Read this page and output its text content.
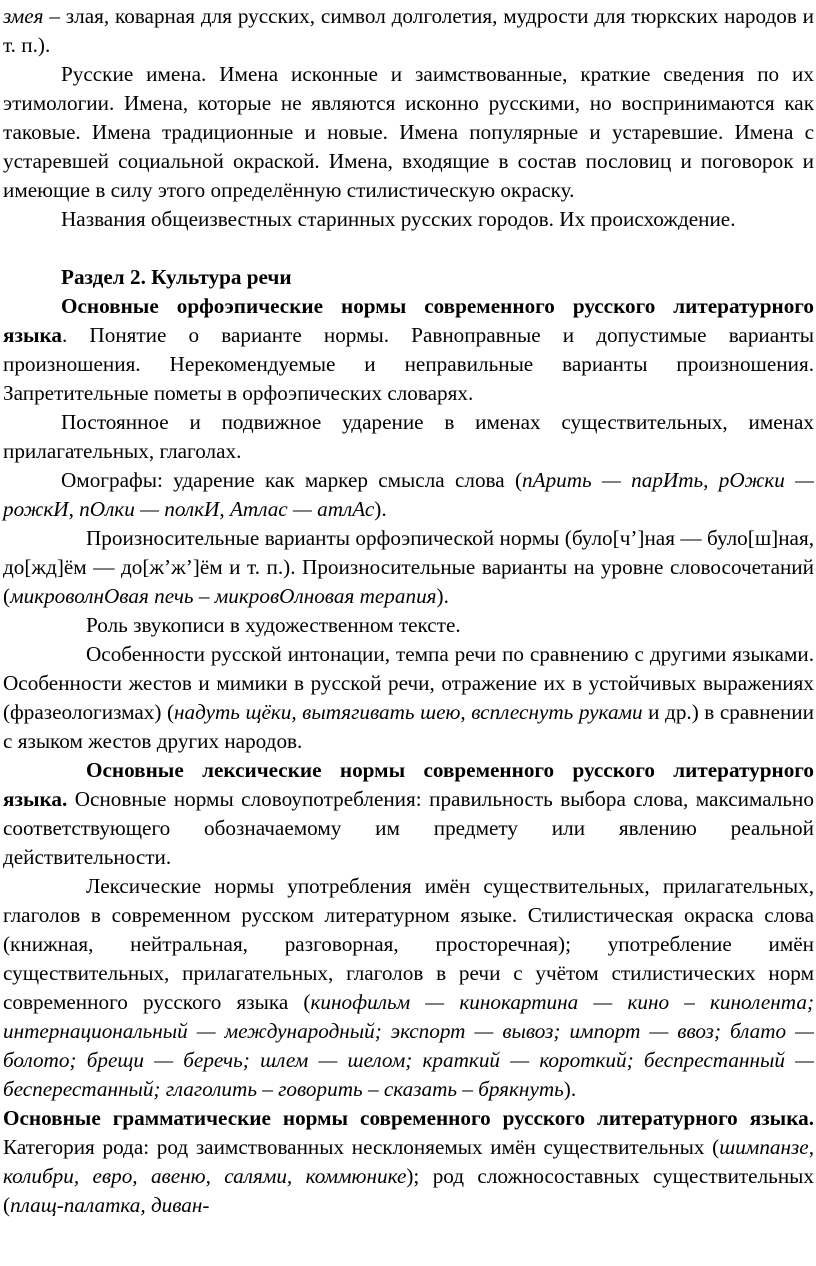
змея – злая, коварная для русских, символ долголетия, мудрости для тюркских народов и т. п.).

Русские имена. Имена исконные и заимствованные, краткие сведения по их этимологии. Имена, которые не являются исконно русскими, но воспринимаются как таковые. Имена традиционные и новые. Имена популярные и устаревшие. Имена с устаревшей социальной окраской. Имена, входящие в состав пословиц и поговорок и имеющие в силу этого определённую стилистическую окраску.

Названия общеизвестных старинных русских городов. Их происхождение.

Раздел 2. Культура речи

Основные орфоэпические нормы современного русского литературного языка. Понятие о варианте нормы. Равноправные и допустимые варианты произношения. Нерекомендуемые и неправильные варианты произношения. Запретительные пометы в орфоэпических словарях.

Постоянное и подвижное ударение в именах существительных, именах прилагательных, глаголах.

Омографы: ударение как маркер смысла слова (пАрить — парИть, рОжки — рожкИ, пОлки — полкИ, Атлас — атлАс).

Произносительные варианты орфоэпической нормы (було[ч’]ная — було[ш]ная, до[жд]ём — до[ж’ж’]ём и т. п.). Произносительные варианты на уровне словосочетаний (микроволнОвая печь – микровОлновая терапия).

Роль звукописи в художественном тексте.

Особенности русской интонации, темпа речи по сравнению с другими языками. Особенности жестов и мимики в русской речи, отражение их в устойчивых выражениях (фразеологизмах) (надуть щёки, вытягивать шею, всплеснуть руками и др.) в сравнении с языком жестов других народов.

Основные лексические нормы современного русского литературного языка. Основные нормы словоупотребления: правильность выбора слова, максимально соответствующего обозначаемому им предмету или явлению реальной действительности.

Лексические нормы употребления имён существительных, прилагательных, глаголов в современном русском литературном языке. Стилистическая окраска слова (книжная, нейтральная, разговорная, просторечная); употребление имён существительных, прилагательных, глаголов в речи с учётом стилистических норм современного русского языка (кинофильм — кинокартина — кино – кинолента; интернациональный — международный; экспорт — вывоз; импорт — ввоз; блато — болото; брещи — беречь; шлем — шелом; краткий — короткий; беспрестанный — бесперестанный; глаголить – говорить – сказать – брякнуть).

Основные грамматические нормы современного русского литературного языка. Категория рода: род заимствованных несклоняемых имён существительных (шимпанзе, колибри, евро, авеню, салями, коммюнике); род сложносоставных существительных (плащ-палатка, диван-
